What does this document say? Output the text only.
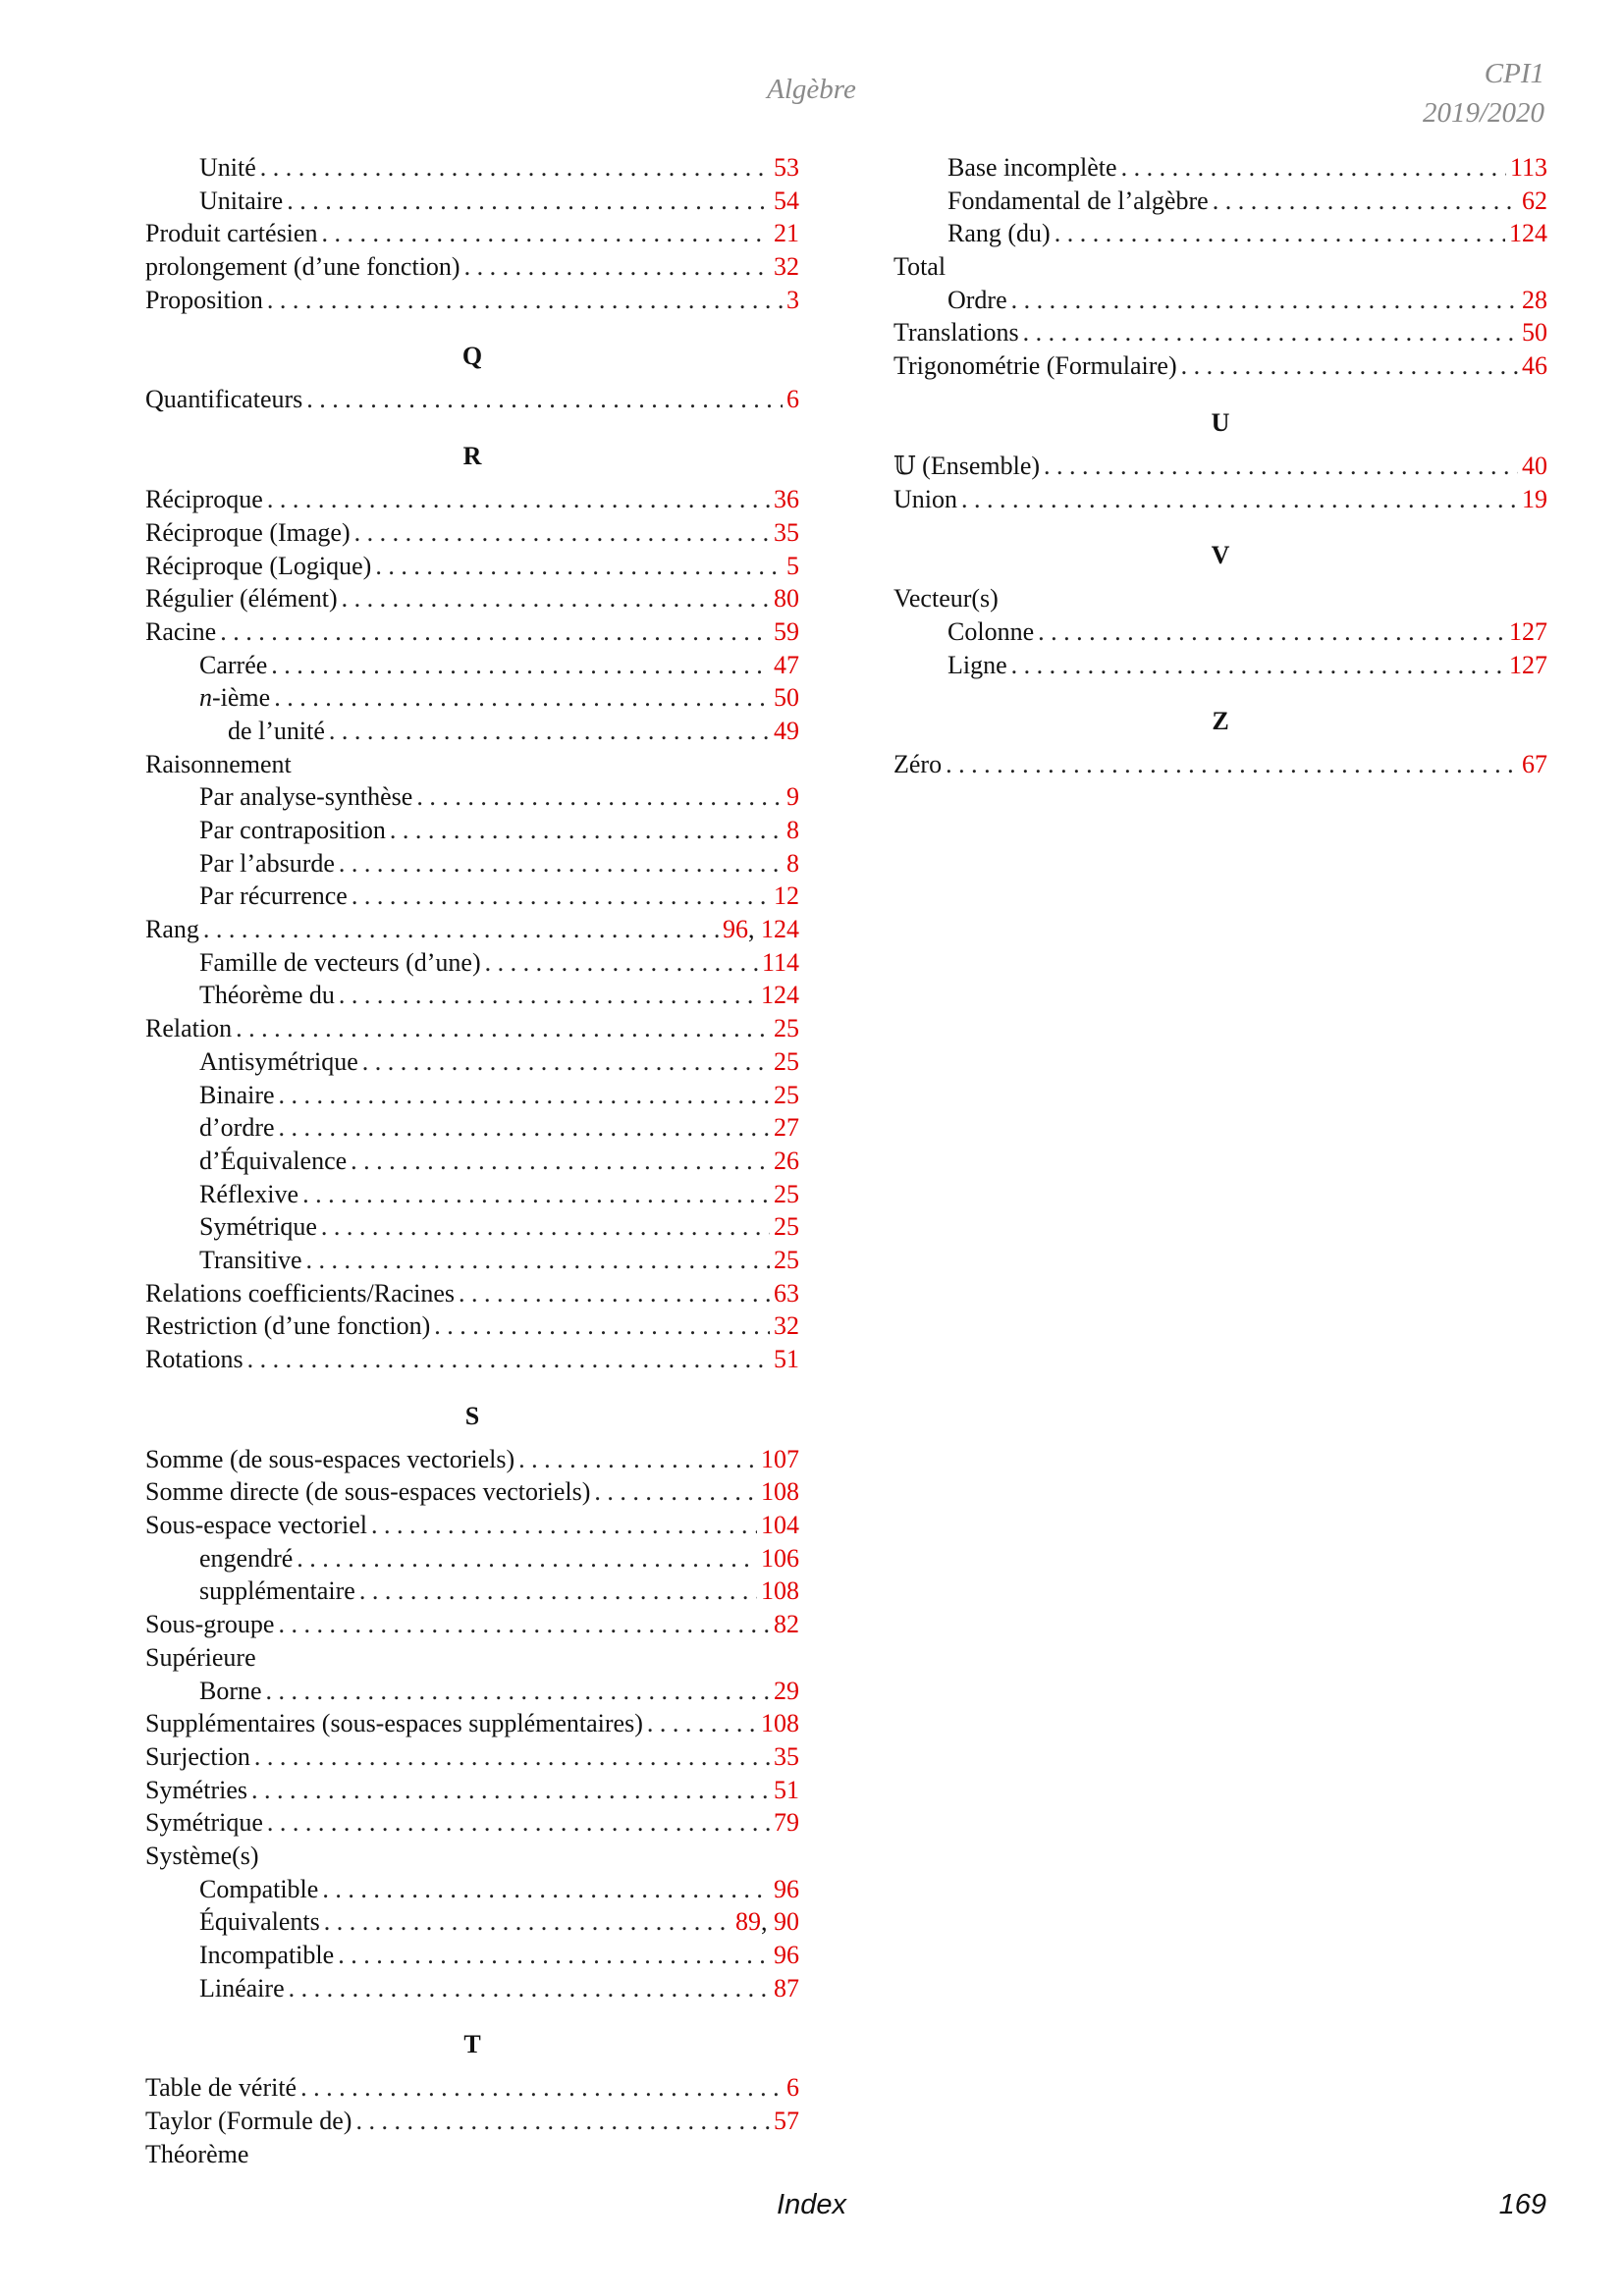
Algèbre	CPI1
2019/2020
Unité . . .	53
Unitaire . . .	54
Produit cartésien . . .	21
prolongement (d’une fonction) . . .	32
Proposition . . .	3
Q
Quantificateurs . . .	6
R
Réciproque . . .	36
Réciproque (Image) . . .	35
Réciproque (Logique) . . .	5
Régulier (élément) . . .	80
Racine . . .	59
Carrée . . .	47
n-ième . . .	50
de l’unité . . .	49
Raisonnement
Par analyse-synthèse . . .	9
Par contraposition . . .	8
Par l’absurde . . .	8
Par récurrence . . .	12
Rang . . .	96, 124
Famille de vecteurs (d’une) . . .	114
Théorème du . . .	124
Relation . . .	25
Antisymétrique . . .	25
Binaire . . .	25
d’ordre . . .	27
d’Équivalence . . .	26
Réflexive . . .	25
Symétrique . . .	25
Transitive . . .	25
Relations coefficients/Racines . . .	63
Restriction (d’une fonction) . . .	32
Rotations . . .	51
S
Somme (de sous-espaces vectoriels) . . .	107
Somme directe (de sous-espaces vectoriels) . . .	108
Sous-espace vectoriel . . .	104
engendré . . .	106
supplémentaire . . .	108
Sous-groupe . . .	82
Supérieure
Borne . . .	29
Supplémentaires (sous-espaces supplémentaires) . . .	108
Surjection . . .	35
Symétries . . .	51
Symétrique . . .	79
Système(s)
Compatible . . .	96
Équivalents . . .	89, 90
Incompatible . . .	96
Linéaire . . .	87
T
Table de vérité . . .	6
Taylor (Formule de) . . .	57
Théorème
Base incomplète . . .	113
Fondamental de l’algèbre . . .	62
Rang (du) . . .	124
Total
Ordre . . .	28
Translations . . .	50
Trigonométrie (Formulaire) . . .	46
U
𝕌 (Ensemble) . . .	40
Union . . .	19
V
Vecteur(s)
Colonne . . .	127
Ligne . . .	127
Z
Zéro . . .	67
Index	169
